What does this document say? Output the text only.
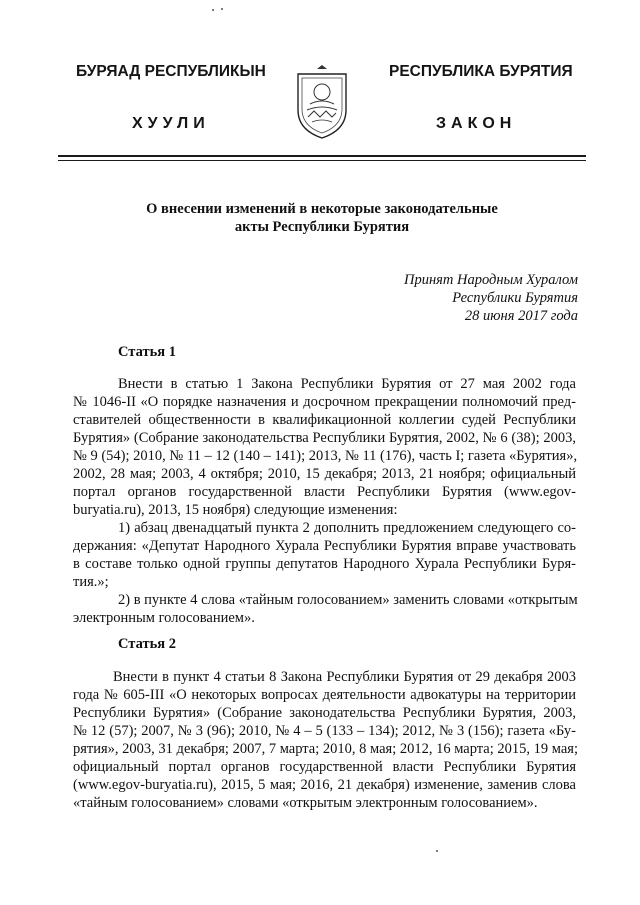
БУРЯАД РЕСПУБЛИКЫН	РЕСПУБЛИКА БУРЯТИЯ
ХУУЛИ	ЗАКОН
О внесении изменений в некоторые законодательные
акты Республики Бурятия
Принят Народным Хуралом
Республики Бурятия
28 июня 2017 года
Статья 1
Внести в статью 1 Закона Республики Бурятия от 27 мая 2002 года
№ 1046-II «О порядке назначения и досрочном прекращении полномочий пред-
ставителей общественности в квалификационной коллегии судей Республики
Бурятия» (Собрание законодательства Республики Бурятия, 2002, № 6 (38); 2003,
№ 9 (54); 2010, № 11 – 12 (140 – 141); 2013, № 11 (176), часть I; газета «Бурятия»,
2002, 28 мая; 2003, 4 октября; 2010, 15 декабря; 2013, 21 ноября; официальный
портал органов государственной власти Республики Бурятия (www.egov-
buryatia.ru), 2013, 15 ноября) следующие изменения:
1) абзац двенадцатый пункта 2 дополнить предложением следующего со-
держания: «Депутат Народного Хурала Республики Бурятия вправе участвовать
в составе только одной группы депутатов Народного Хурала Республики Буря-
тия.»;
2) в пункте 4 слова «тайным голосованием» заменить словами «открытым
электронным голосованием».
Статья 2
Внести в пункт 4 статьи 8 Закона Республики Бурятия от 29 декабря 2003
года № 605-III «О некоторых вопросах деятельности адвокатуры на территории
Республики Бурятия» (Собрание законодательства Республики Бурятия, 2003,
№ 12 (57); 2007, № 3 (96); 2010, № 4 – 5 (133 – 134); 2012, № 3 (156); газета «Бу-
рятия», 2003, 31 декабря; 2007, 7 марта; 2010, 8 мая; 2012, 16 марта; 2015, 19 мая;
официальный портал органов государственной власти Республики Бурятия
(www.egov-buryatia.ru), 2015, 5 мая; 2016, 21 декабря) изменение, заменив слова
«тайным голосованием» словами «открытым электронным голосованием».
